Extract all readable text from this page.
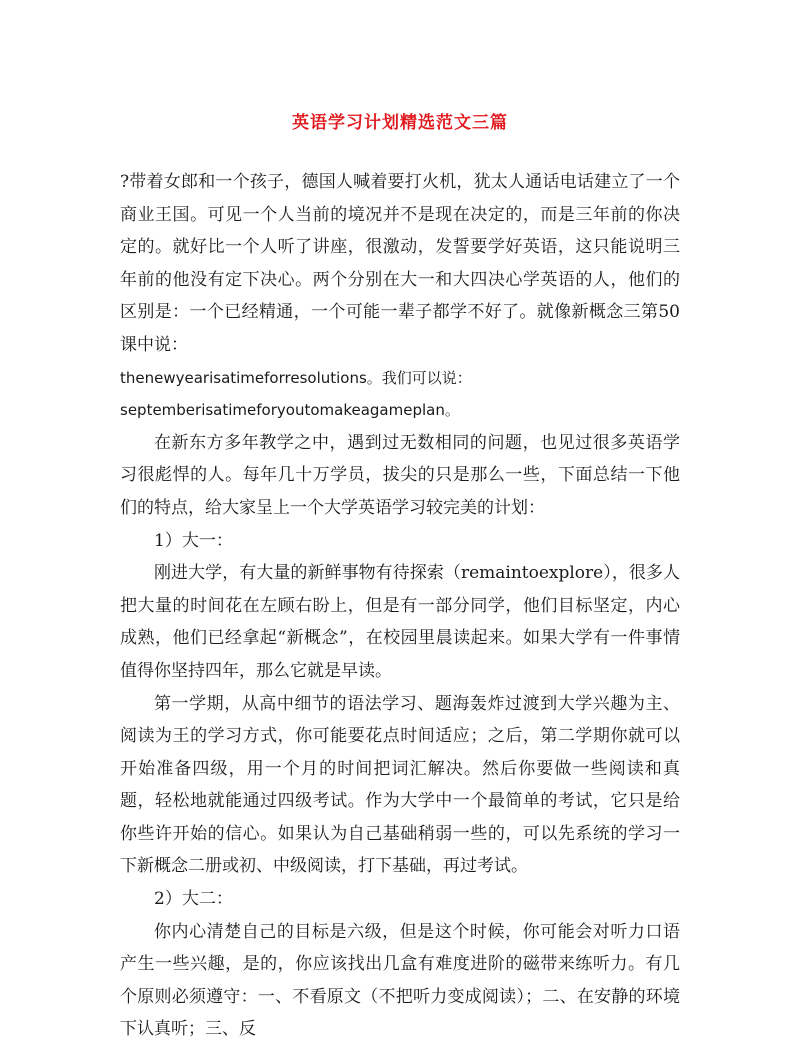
英语学习计划精选范文三篇

?带着女郎和一个孩子，德国人喊着要打火机，犹太人通话电话建立了一个商业王国。可见一个人当前的境况并不是现在决定的，而是三年前的你决定的。就好比一个人听了讲座，很激动，发誓要学好英语，这只能说明三年前的他没有定下决心。两个分别在大一和大四决心学英语的人，他们的区别是：一个已经精通，一个可能一辈子都学不好了。就像新概念三第50课中说：

thenewyearisatimeforresolutions。我们可以说：

septemberisatimeforyoutomakeagameplan。

在新东方多年教学之中，遇到过无数相同的问题，也见过很多英语学习很彪悍的人。每年几十万学员，拔尖的只是那么一些，下面总结一下他们的特点，给大家呈上一个大学英语学习较完美的计划：

1）大一：

刚进大学，有大量的新鲜事物有待探索（remaintoexplore），很多人把大量的时间花在左顾右盼上，但是有一部分同学，他们目标坚定，内心成熟，他们已经拿起“新概念”，在校园里晨读起来。如果大学有一件事情值得你坚持四年，那么它就是早读。

第一学期，从高中细节的语法学习、题海轰炸过渡到大学兴趣为主、阅读为王的学习方式，你可能要花点时间适应；之后，第二学期你就可以开始准备四级，用一个月的时间把词汇解决。然后你要做一些阅读和真题，轻松地就能通过四级考试。作为大学中一个最简单的考试，它只是给你些许开始的信心。如果认为自己基础稍弱一些的，可以先系统的学习一下新概念二册或初、中级阅读，打下基础，再过考试。

2）大二：

你内心清楚自己的目标是六级，但是这个时候，你可能会对听力口语产生一些兴趣，是的，你应该找出几盒有难度进阶的磁带来练听力。有几个原则必须遵守：一、不看原文（不把听力变成阅读）；二、在安静的环境下认真听；三、反
